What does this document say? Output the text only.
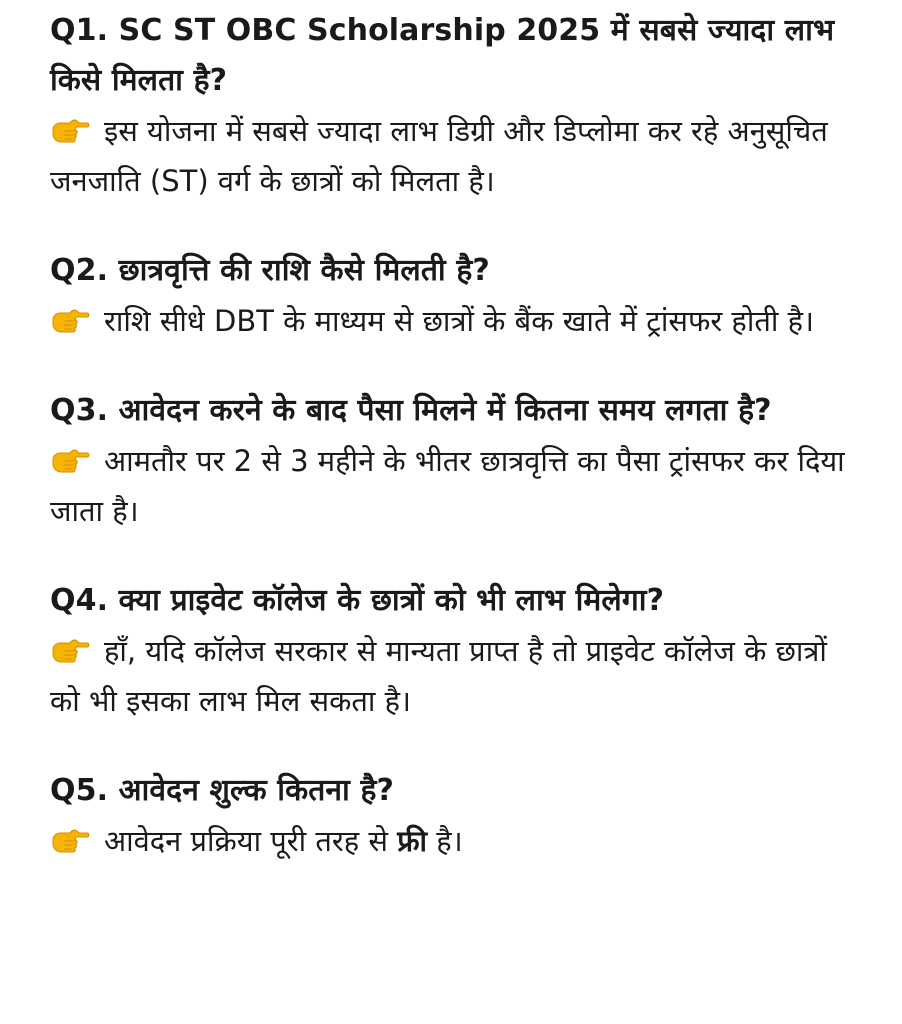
Q1. SC ST OBC Scholarship 2025 में सबसे ज्यादा लाभ किसे मिलता है?

इस योजना में सबसे ज्यादा लाभ डिग्री और डिप्लोमा कर रहे अनुसूचित जनजाति (ST) वर्ग के छात्रों को मिलता है।

Q2. छात्रवृत्ति की राशि कैसे मिलती है?

राशि सीधे DBT के माध्यम से छात्रों के बैंक खाते में ट्रांसफर होती है।

Q3. आवेदन करने के बाद पैसा मिलने में कितना समय लगता है?

आमतौर पर 2 से 3 महीने के भीतर छात्रवृत्ति का पैसा ट्रांसफर कर दिया जाता है।

Q4. क्या प्राइवेट कॉलेज के छात्रों को भी लाभ मिलेगा?

हाँ, यदि कॉलेज सरकार से मान्यता प्राप्त है तो प्राइवेट कॉलेज के छात्रों को भी इसका लाभ मिल सकता है।

Q5. आवेदन शुल्क कितना है?

आवेदन प्रक्रिया पूरी तरह से फ्री है।
